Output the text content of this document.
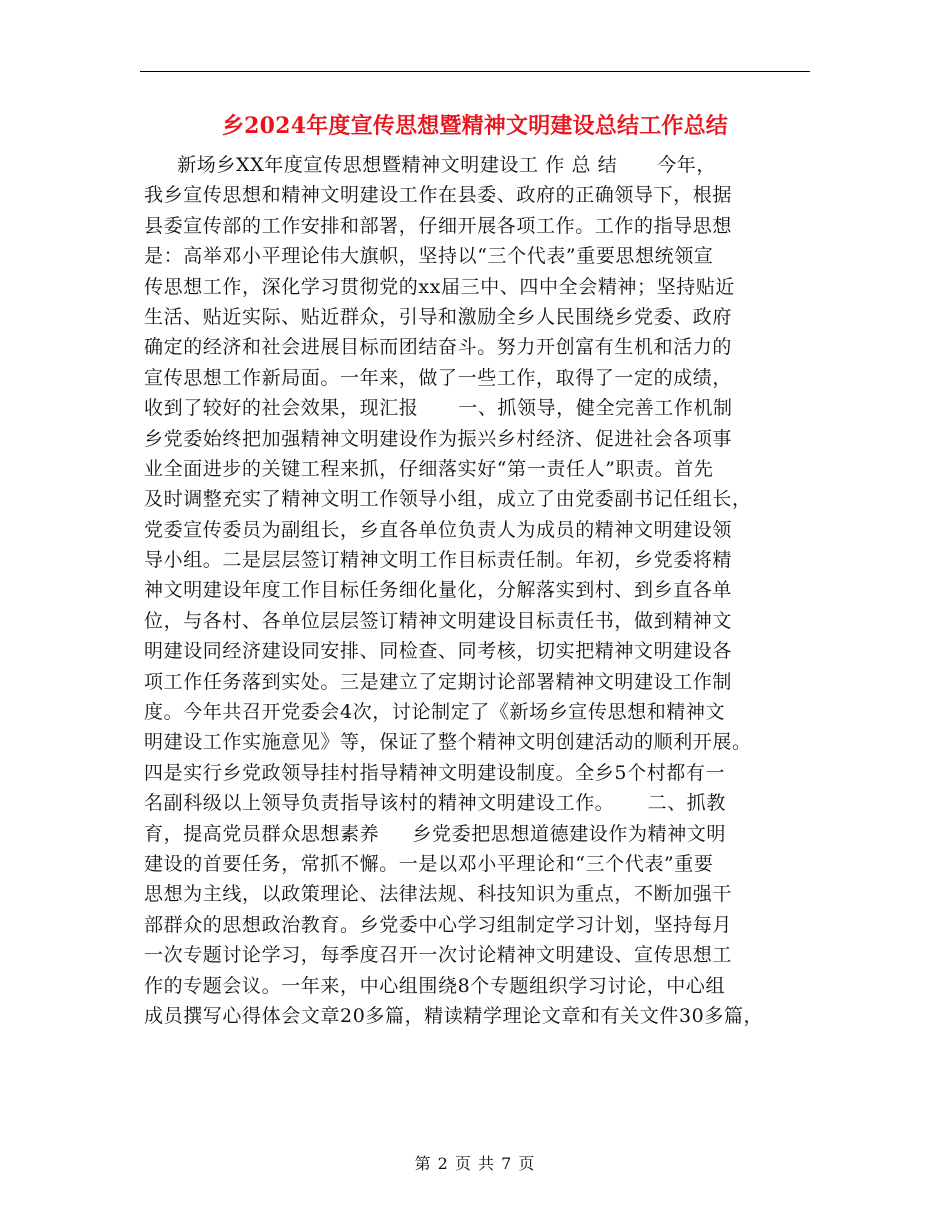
乡2024年度宣传思想暨精神文明建设总结工作总结
新场乡XX年度宣传思想暨精神文明建设工 作 总 结      今年，
我乡宣传思想和精神文明建设工作在县委、政府的正确领导下，根据
县委宣传部的工作安排和部署，仔细开展各项工作。工作的指导思想
是：高举邓小平理论伟大旗帜，坚持以“三个代表”重要思想统领宣
传思想工作，深化学习贯彻党的xx届三中、四中全会精神；坚持贴近
生活、贴近实际、贴近群众，引导和激励全乡人民围绕乡党委、政府
确定的经济和社会进展目标而团结奋斗。努力开创富有生机和活力的
宣传思想工作新局面。一年来，做了一些工作，取得了一定的成绩，
收到了较好的社会效果，现汇报      一、抓领导，健全完善工作机制
乡党委始终把加强精神文明建设作为振兴乡村经济、促进社会各项事
业全面进步的关键工程来抓，仔细落实好“第一责任人”职责。首先
及时调整充实了精神文明工作领导小组，成立了由党委副书记任组长，
党委宣传委员为副组长，乡直各单位负责人为成员的精神文明建设领
导小组。二是层层签订精神文明工作目标责任制。年初，乡党委将精
神文明建设年度工作目标任务细化量化，分解落实到村、到乡直各单
位，与各村、各单位层层签订精神文明建设目标责任书，做到精神文
明建设同经济建设同安排、同检查、同考核，切实把精神文明建设各
项工作任务落到实处。三是建立了定期讨论部署精神文明建设工作制
度。今年共召开党委会4次，讨论制定了《新场乡宣传思想和精神文
明建设工作实施意见》等，保证了整个精神文明创建活动的顺利开展。
四是实行乡党政领导挂村指导精神文明建设制度。全乡5个村都有一
名副科级以上领导负责指导该村的精神文明建设工作。     二、抓教
育，提高党员群众思想素养     乡党委把思想道德建设作为精神文明
建设的首要任务，常抓不懈。一是以邓小平理论和“三个代表”重要
思想为主线，以政策理论、法律法规、科技知识为重点，不断加强干
部群众的思想政治教育。乡党委中心学习组制定学习计划，坚持每月
一次专题讨论学习，每季度召开一次讨论精神文明建设、宣传思想工
作的专题会议。一年来，中心组围绕8个专题组织学习讨论，中心组
成员撰写心得体会文章20多篇，精读精学理论文章和有关文件30多篇，
第 2 页 共 7 页
